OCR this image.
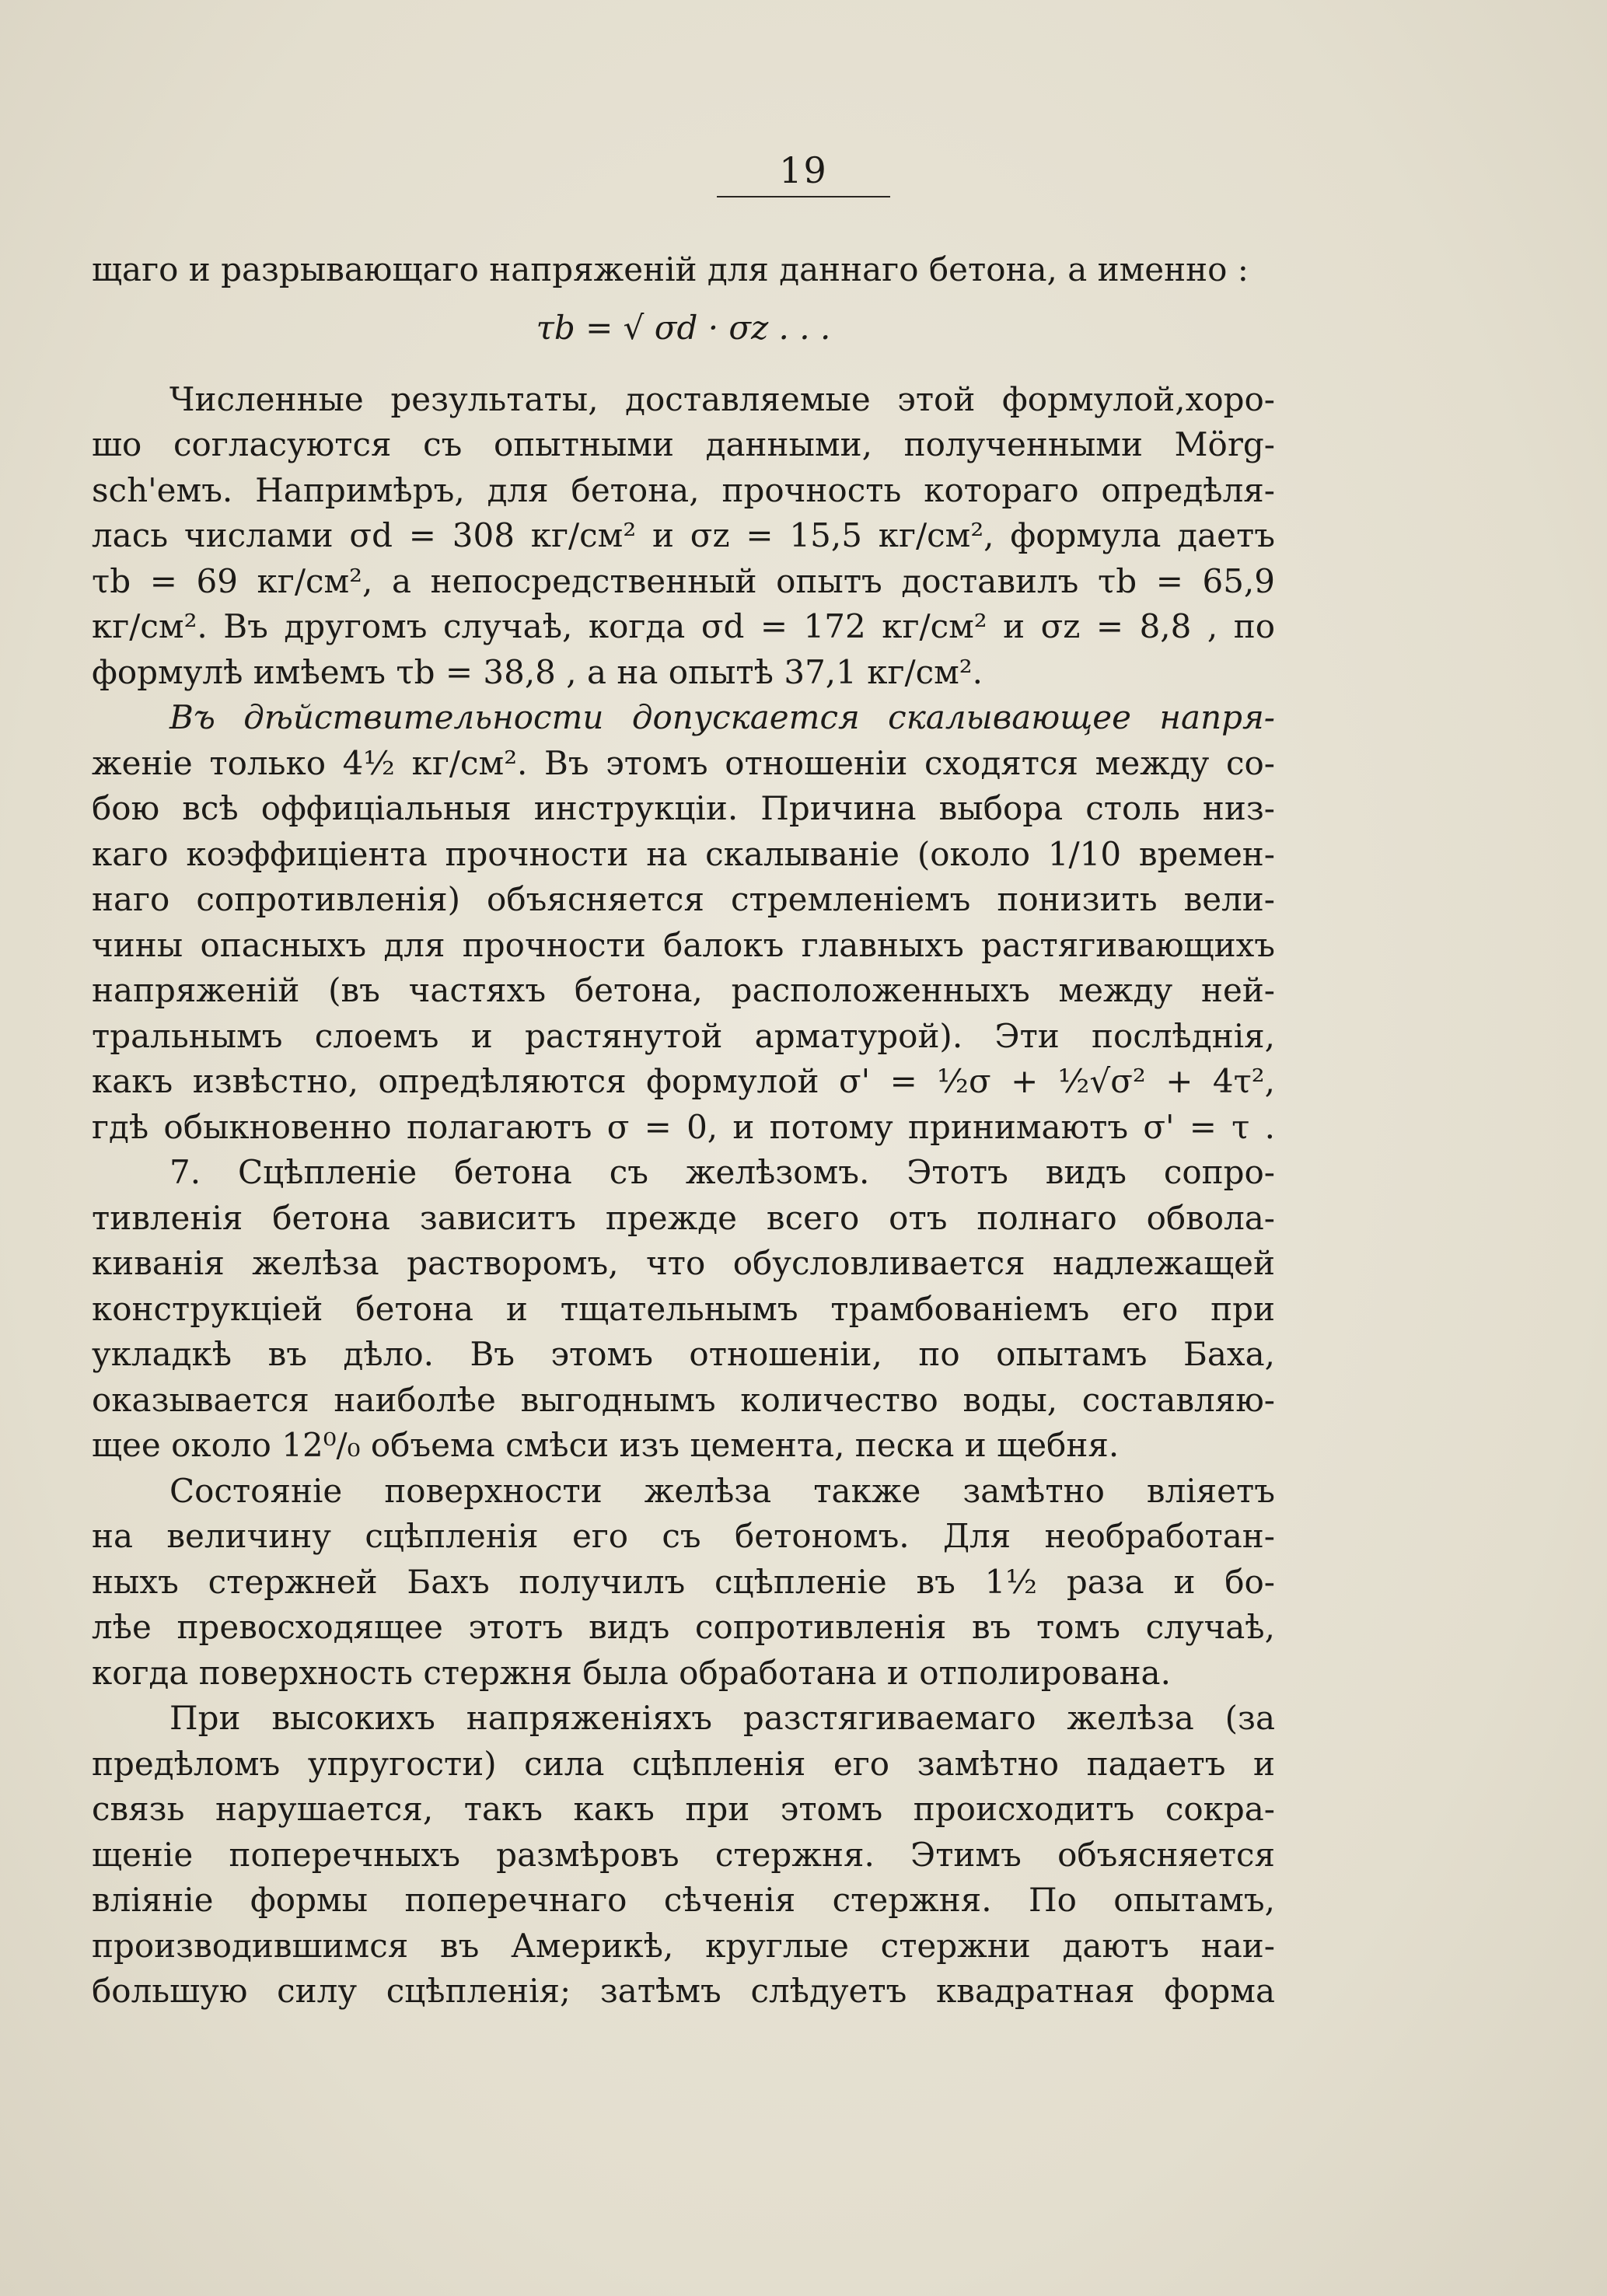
19
щаго и разрывающаго напряженій для даннаго бетона, а именно :
τb = √ σd · σz . . .
Численные результаты, доставляемые этой формулой,хоро-
шо согласуются съ опытными данными, полученными Mörg-
sch'емъ. Напримѣръ, для бетона, прочность котораго опредѣля-
лась числами σd = 308 кг/см² и σz = 15,5 кг/см², формула даетъ
τb = 69 кг/см², а непосредственный опытъ доставилъ τb = 65,9
кг/см². Въ другомъ случаѣ, когда σd = 172 кг/см² и σz = 8,8 , по
формулѣ имѣемъ τb = 38,8 , а на опытѣ 37,1 кг/см².
Въ дѣйствительности допускается скалывающее напря-
женіе только 4½ кг/см². Въ этомъ отношеніи сходятся между со-
бою всѣ оффиціальныя инструкціи. Причина выбора столь низ-
каго коэффиціента прочности на скалываніе (около 1/10 времен-
наго сопротивленія) объясняется стремленіемъ понизить вели-
чины опасныхъ для прочности балокъ главныхъ растягивающихъ
напряженій (въ частяхъ бетона, расположенныхъ между ней-
тральнымъ слоемъ и растянутой арматурой). Эти послѣднія,
какъ извѣстно, опредѣляются формулой σ' = ½σ + ½√σ² + 4τ²,
гдѣ обыкновенно полагаютъ σ = 0, и потому принимаютъ σ' = τ .
7. Сцѣпленіе бетона съ желѣзомъ. Этотъ видъ сопро-
тивленія бетона зависитъ прежде всего отъ полнаго обвола-
киванія желѣза растворомъ, что обусловливается надлежащей
конструкціей бетона и тщательнымъ трамбованіемъ его при
укладкѣ въ дѣло. Въ этомъ отношеніи, по опытамъ Баха,
оказывается наиболѣе выгоднымъ количество воды, составляю-
щее около 12⁰/₀ объема смѣси изъ цемента, песка и щебня.
Состояніе поверхности желѣза также замѣтно вліяетъ
на величину сцѣпленія его съ бетономъ. Для необработан-
ныхъ стержней Бахъ получилъ сцѣпленіе въ 1½ раза и бо-
лѣе превосходящее этотъ видъ сопротивленія въ томъ случаѣ,
когда поверхность стержня была обработана и отполирована.
При высокихъ напряженіяхъ разстягиваемаго желѣза (за
предѣломъ упругости) сила сцѣпленія его замѣтно падаетъ и
связь нарушается, такъ какъ при этомъ происходитъ сокра-
щеніе поперечныхъ размѣровъ стержня. Этимъ объясняется
вліяніе формы поперечнаго сѣченія стержня. По опытамъ,
производившимся въ Америкѣ, круглые стержни даютъ наи-
большую силу сцѣпленія; затѣмъ слѣдуетъ квадратная форма
